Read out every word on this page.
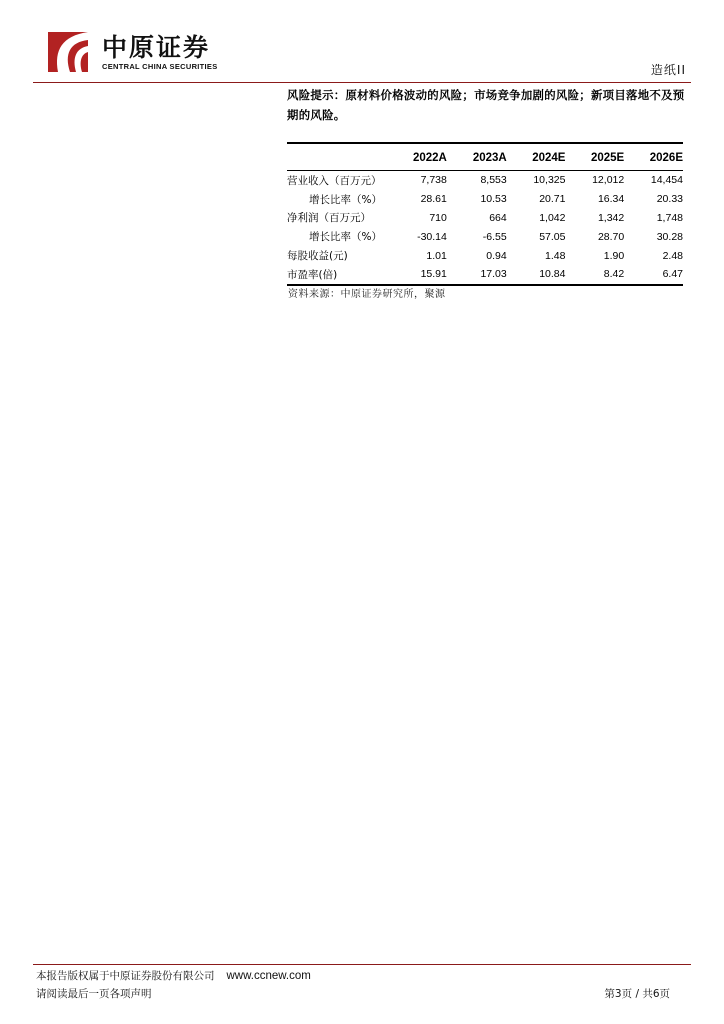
中原证券
CENTRAL CHINA SECURITIES	造纸II
风险提示：原材料价格波动的风险；市场竞争加剧的风险；新项目落地不及预期的风险。
	2022A	2023A	2024E	2025E	2026E
营业收入（百万元）	7,738	8,553	10,325	12,012	14,454
增长比率（%）	28.61	10.53	20.71	16.34	20.33
净利润（百万元）	710	664	1,042	1,342	1,748
增长比率（%）	-30.14	-6.55	57.05	28.70	30.28
每股收益(元)	1.01	0.94	1.48	1.90	2.48
市盈率(倍)	15.91	17.03	10.84	8.42	6.47
资料来源：中原证券研究所，聚源
本报告版权属于中原证券股份有限公司 www.ccnew.com
请阅读最后一页各项声明	第3页 / 共6页
